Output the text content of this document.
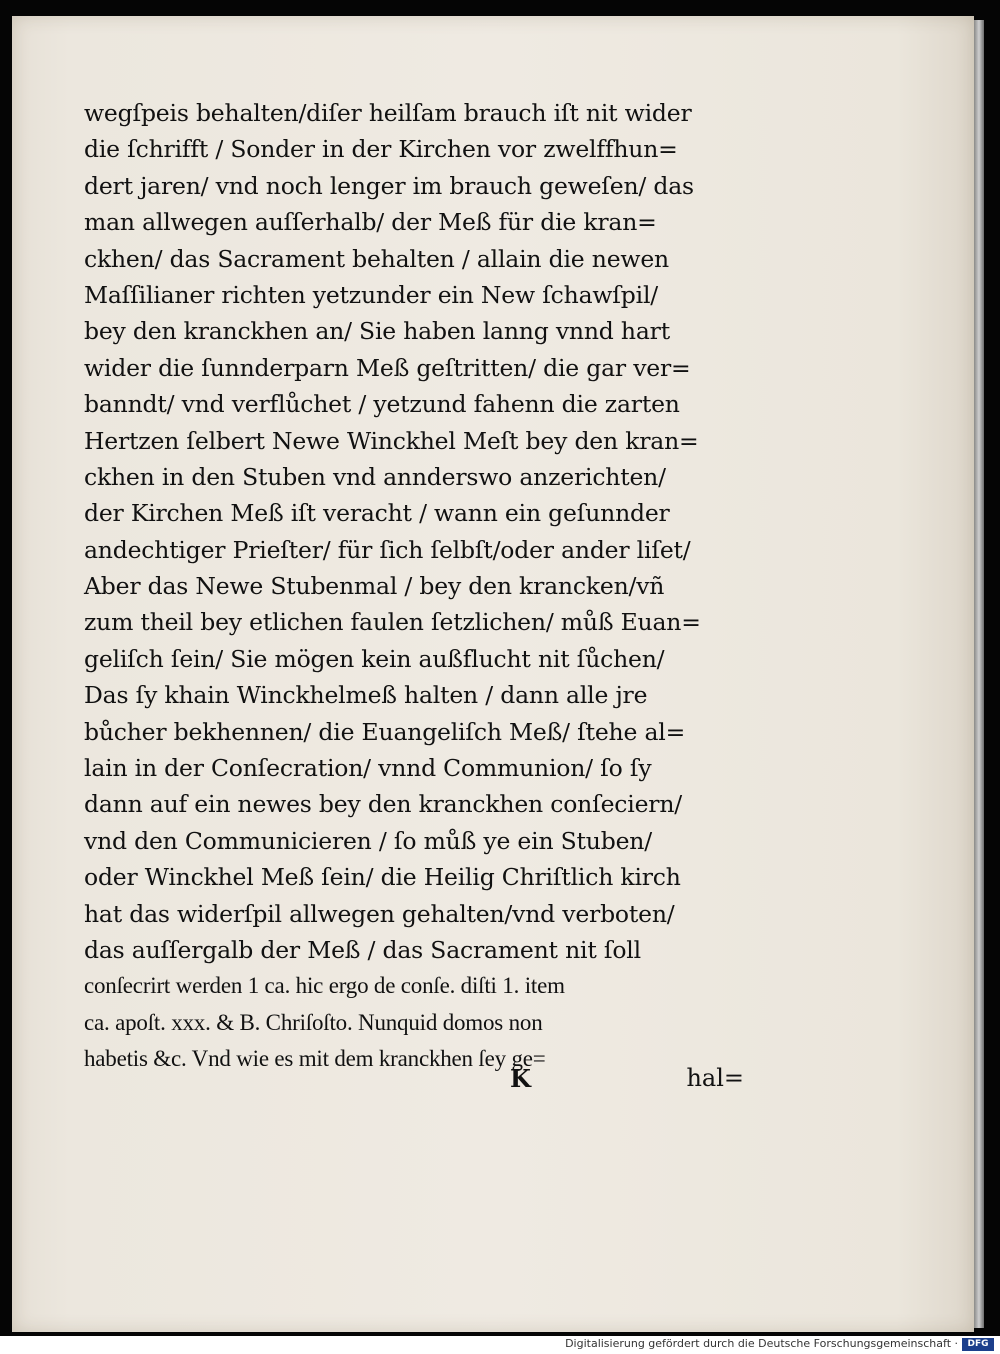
wegſpeis behalten/diſer heilſam brauch iſt nit wider
die ſchrifft / Sonder in der Kirchen vor zwelffhun=
dert jaren/ vnd noch lenger im brauch geweſen/ das
man allwegen auſſerhalb/ der Meß für die kran=
ckhen/ das Sacrament behalten / allain die newen
Maſſilianer richten yetzunder ein New ſchawſpil/
bey den kranckhen an/ Sie haben lanng vnnd hart
wider die ſunnderparn Meß geſtritten/ die gar ver=
banndt/ vnd verflůchet / yetzund fahenn die zarten
Hertzen ſelbert Newe Winckhel Meſt bey den kran=
ckhen in den Stuben vnd annderswo anzerichten/
der Kirchen Meß iſt veracht / wann ein geſunnder
andechtiger Prieſter/ für ſich ſelbſt/oder ander liſet/
Aber das Newe Stubenmal / bey den krancken/vñ
zum theil bey etlichen faulen ſetzlichen/ můß Euan=
geliſch ſein/ Sie mögen kein außflucht nit ſůchen/
Das ſy khain Winckhelmeß halten / dann alle jre
bůcher bekhennen/ die Euangeliſch Meß/ ſtehe al=
lain in der Conſecration/ vnnd Communion/ ſo ſy
dann auf ein newes bey den kranckhen conſeciern/
vnd den Communicieren / ſo můß ye ein Stuben/
oder Winckhel Meß ſein/ die Heilig Chriſtlich kirch
hat das widerſpil allwegen gehalten/vnd verboten/
das auſſergalb der Meß / das Sacrament nit ſoll
conſecrirt werden 1 ca. hic ergo de conſe. diſti 1. item
ca. apoſt. xxx. & B. Chriſoſto. Nunquid domos non
habetis &c. Vnd wie es mit dem kranckhen ſey ge=
K	hal=
Digitalisierung gefördert durch die Deutsche Forschungsgemeinschaft ·	DFG
